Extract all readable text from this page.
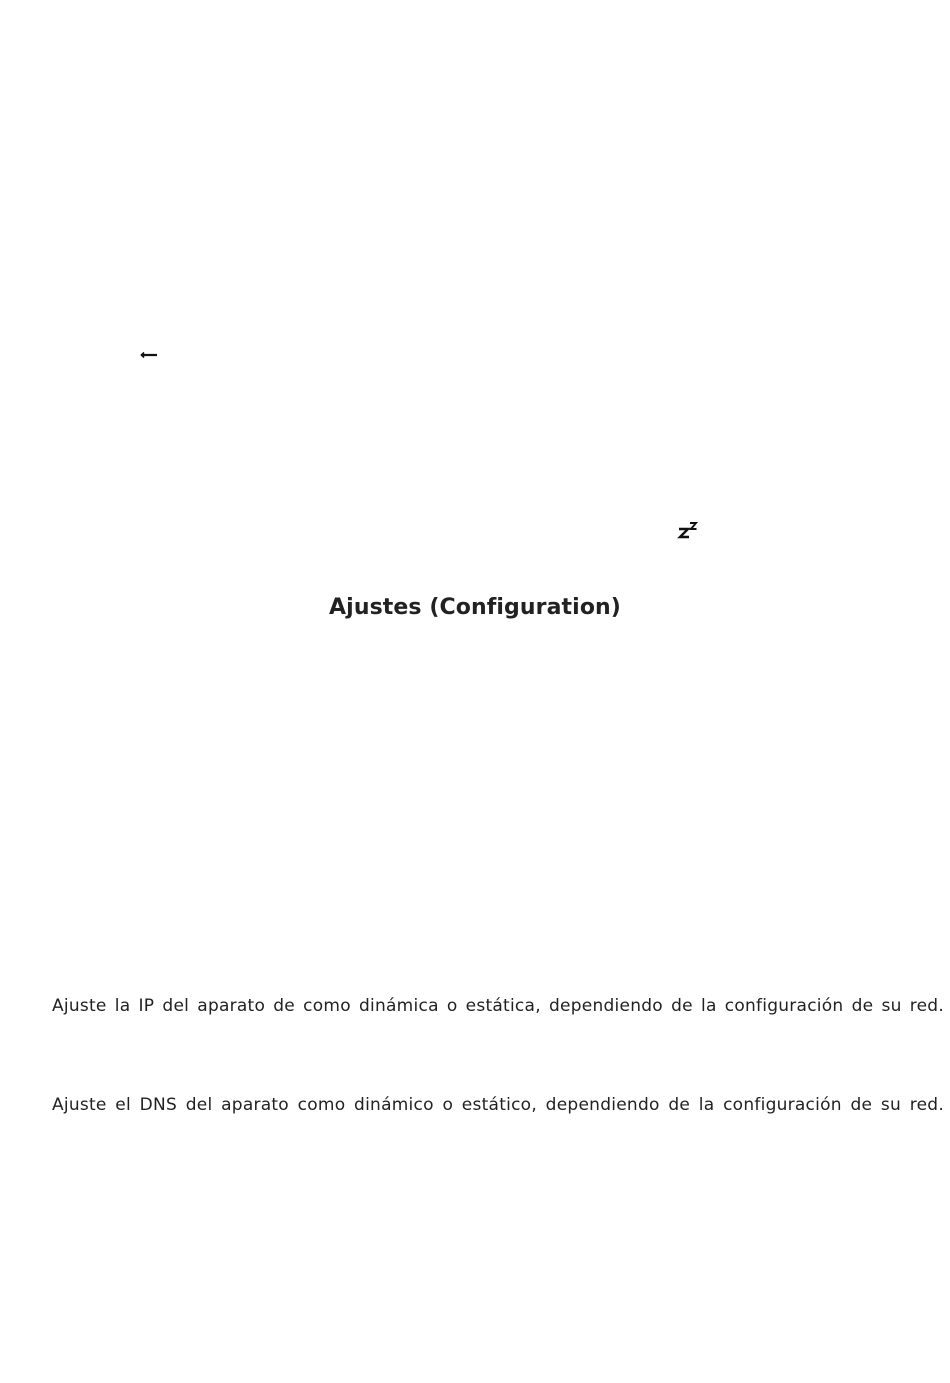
Ajustes (Configuration)

Ajuste la IP del aparato de como dinámica o estática, dependiendo de la configuración de su red.

Ajuste el DNS del aparato como dinámico o estático, dependiendo de la configuración de su red.
